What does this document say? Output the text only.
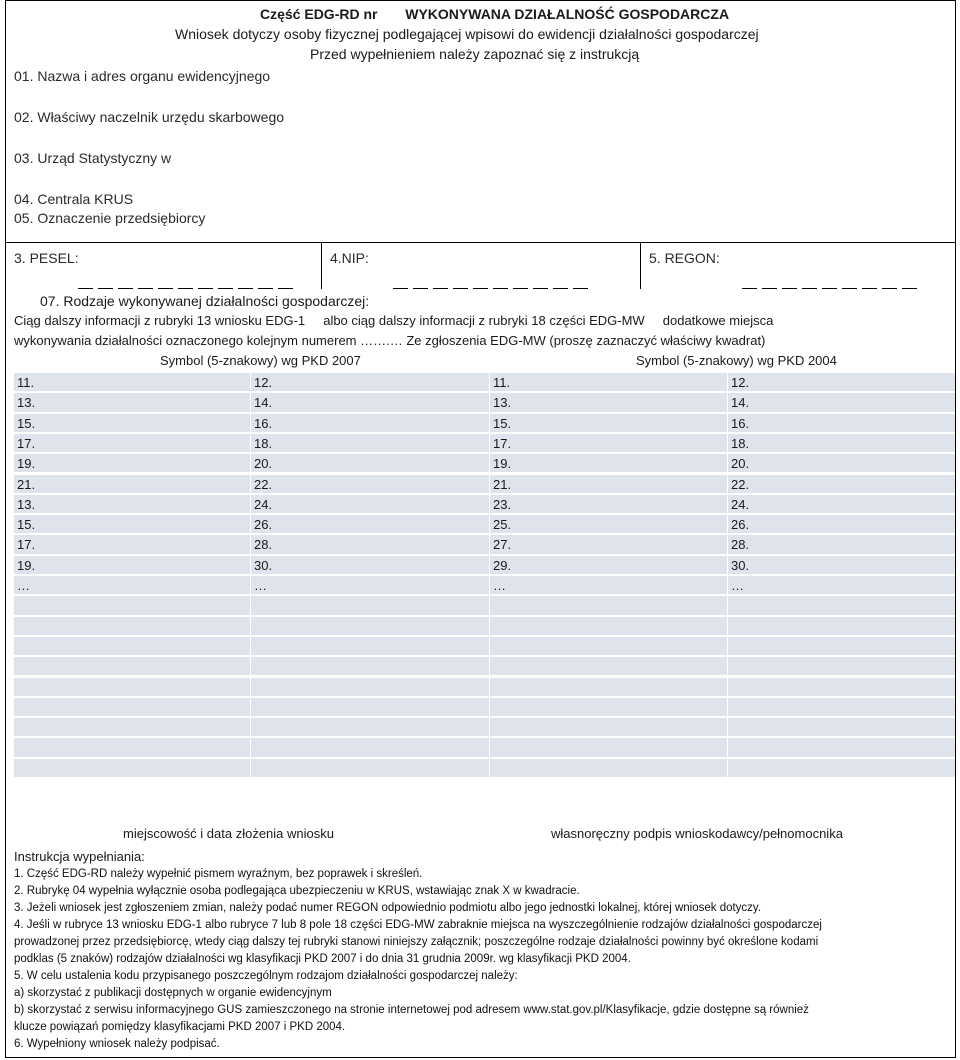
Część EDG-RD nr WYKONYWANA DZIAŁALNOŚĆ GOSPODARCZA
Wniosek dotyczy osoby fizycznej podlegającej wpisowi do ewidencji działalności gospodarczej
Przed wypełnieniem należy zapoznać się z instrukcją
01. Nazwa i adres organu ewidencyjnego
02. Właściwy naczelnik urzędu skarbowego
03. Urząd Statystyczny w
04. Centrala KRUS
05. Oznaczenie przedsiębiorcy
3. PESEL:	4.NIP:	5. REGON:
07. Rodzaje wykonywanej działalności gospodarczej:
Ciąg dalszy informacji z rubryki 13 wniosku EDG-1     albo ciąg dalszy informacji z rubryki 18 części EDG-MW     dodatkowe miejsca
wykonywania działalności oznaczonego kolejnym numerem …….… Ze zgłoszenia EDG-MW (proszę zaznaczyć właściwy kwadrat)
Symbol (5-znakowy) wg PKD 2007	Symbol (5-znakowy) wg PKD 2004
11.	12.	11.	12.
13.	14.	13.	14.
15.	16.	15.	16.
17.	18.	17.	18.
19.	20.	19.	20.
21.	22.	21.	22.
13.	24.	23.	24.
15.	26.	25.	26.
17.	28.	27.	28.
19.	30.	29.	30.
…	…	…	…
miejscowość i data złożenia wniosku	własnoręczny podpis wnioskodawcy/pełnomocnika
Instrukcja wypełniania:
1. Część EDG-RD należy wypełnić pismem wyraźnym, bez poprawek i skreśleń.
2. Rubrykę 04 wypełnia wyłącznie osoba podlegająca ubezpieczeniu w KRUS, wstawiając znak X w kwadracie.
3. Jeżeli wniosek jest zgłoszeniem zmian, należy podać numer REGON odpowiednio podmiotu albo jego jednostki lokalnej, której wniosek dotyczy.
4. Jeśli w rubryce 13 wniosku EDG-1 albo rubryce 7 lub 8 pole 18 części EDG-MW zabraknie miejsca na wyszczególnienie rodzajów działalności gospodarczej
prowadzonej przez przedsiębiorcę, wtedy ciąg dalszy tej rubryki stanowi niniejszy załącznik; poszczególne rodzaje działalności powinny być określone kodami
podklas (5 znaków) rodzajów działalności wg klasyfikacji PKD 2007 i do dnia 31 grudnia 2009r. wg klasyfikacji PKD 2004.
5. W celu ustalenia kodu przypisanego poszczególnym rodzajom działalności gospodarczej należy:
a) skorzystać z publikacji dostępnych w organie ewidencyjnym
b) skorzystać z serwisu informacyjnego GUS zamieszczonego na stronie internetowej pod adresem www.stat.gov.pl/Klasyfikacje, gdzie dostępne są również
klucze powiązań pomiędzy klasyfikacjami PKD 2007 i PKD 2004.
6. Wypełniony wniosek należy podpisać.
